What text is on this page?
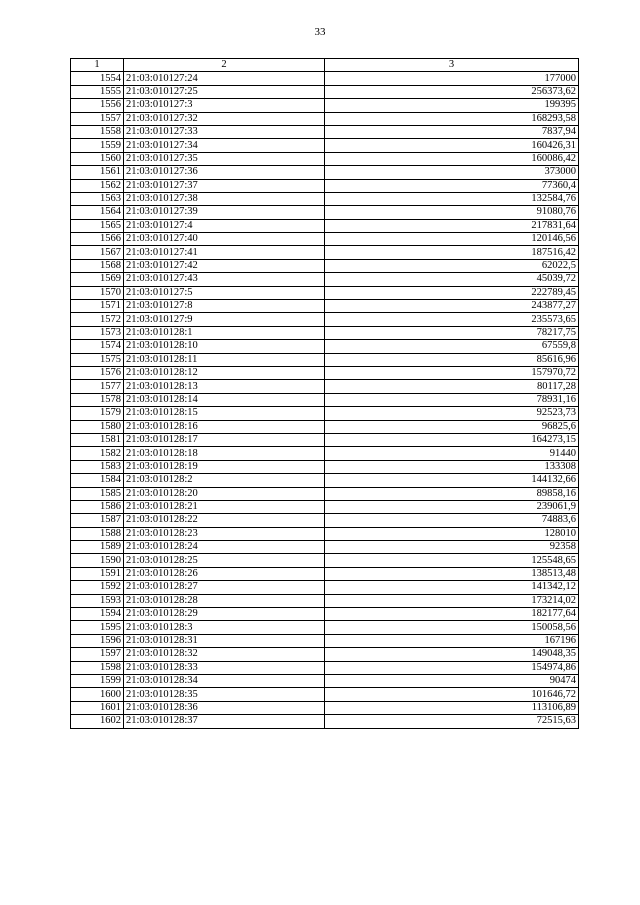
33
1	2	3
1554	21:03:010127:24	177000
1555	21:03:010127:25	256373,62
1556	21:03:010127:3	199395
1557	21:03:010127:32	168293,58
1558	21:03:010127:33	7837,94
1559	21:03:010127:34	160426,31
1560	21:03:010127:35	160086,42
1561	21:03:010127:36	373000
1562	21:03:010127:37	77360,4
1563	21:03:010127:38	132584,76
1564	21:03:010127:39	91080,76
1565	21:03:010127:4	217831,64
1566	21:03:010127:40	120146,56
1567	21:03:010127:41	187516,42
1568	21:03:010127:42	62022,5
1569	21:03:010127:43	45039,72
1570	21:03:010127:5	222789,45
1571	21:03:010127:8	243877,27
1572	21:03:010127:9	235573,65
1573	21:03:010128:1	78217,75
1574	21:03:010128:10	67559,8
1575	21:03:010128:11	85616,96
1576	21:03:010128:12	157970,72
1577	21:03:010128:13	80117,28
1578	21:03:010128:14	78931,16
1579	21:03:010128:15	92523,73
1580	21:03:010128:16	96825,6
1581	21:03:010128:17	164273,15
1582	21:03:010128:18	91440
1583	21:03:010128:19	133308
1584	21:03:010128:2	144132,66
1585	21:03:010128:20	89858,16
1586	21:03:010128:21	239061,9
1587	21:03:010128:22	74883,6
1588	21:03:010128:23	128010
1589	21:03:010128:24	92358
1590	21:03:010128:25	125548,65
1591	21:03:010128:26	138513,48
1592	21:03:010128:27	141342,12
1593	21:03:010128:28	173214,02
1594	21:03:010128:29	182177,64
1595	21:03:010128:3	150058,56
1596	21:03:010128:31	167196
1597	21:03:010128:32	149048,35
1598	21:03:010128:33	154974,86
1599	21:03:010128:34	90474
1600	21:03:010128:35	101646,72
1601	21:03:010128:36	113106,89
1602	21:03:010128:37	72515,63
